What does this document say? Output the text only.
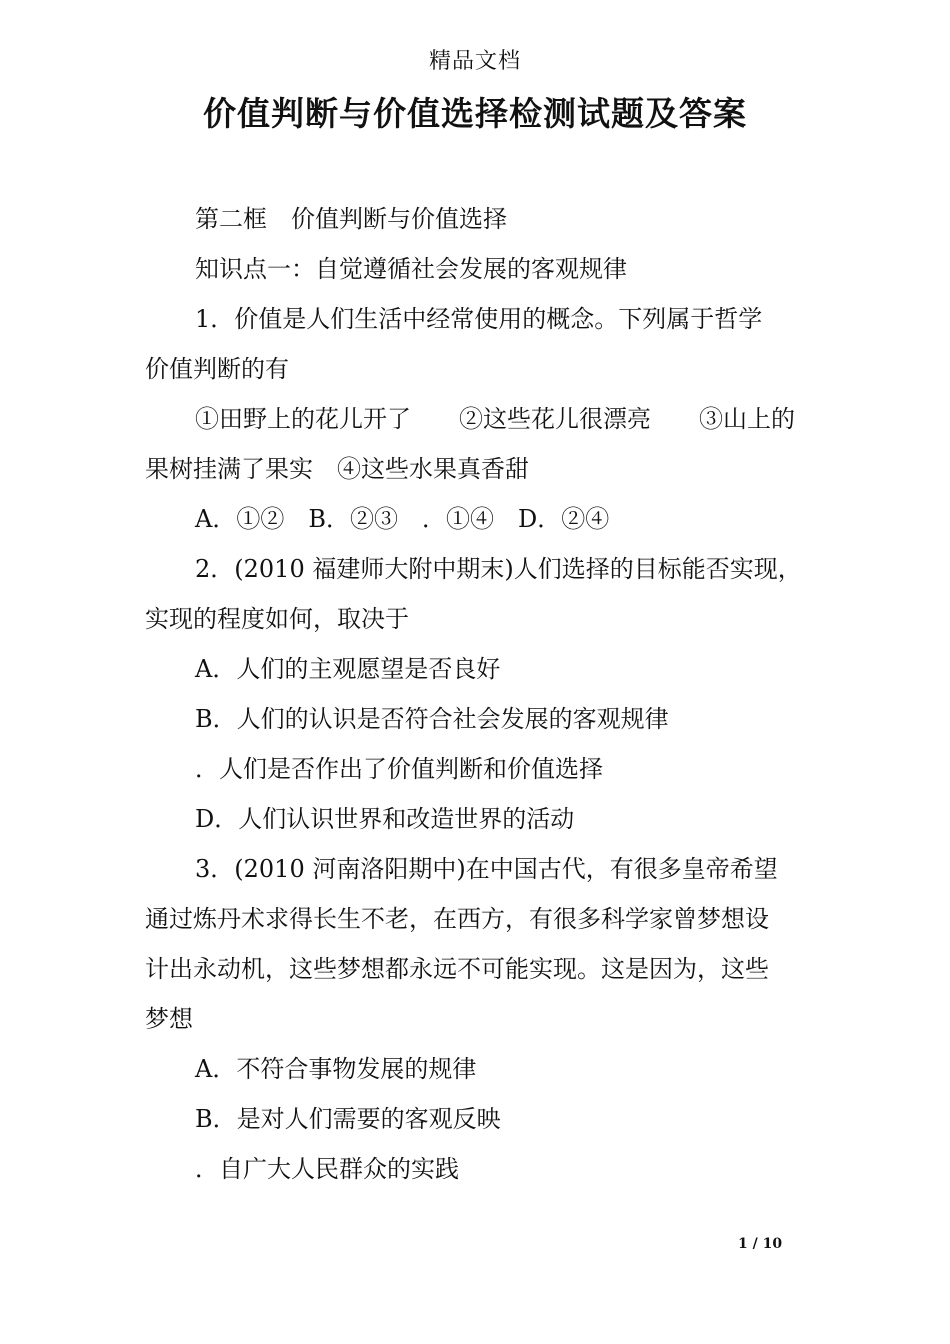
精品文档
价值判断与价值选择检测试题及答案
第二框　价值判断与价值选择
知识点一：自觉遵循社会发展的客观规律
1．价值是人们生活中经常使用的概念。下列属于哲学
价值判断的有
①田野上的花儿开了　　②这些花儿很漂亮　　③山上的
果树挂满了果实　④这些水果真香甜
A．①②　B．②③　．①④　D．②④
2．(2010 福建师大附中期末)人们选择的目标能否实现，
实现的程度如何，取决于
A．人们的主观愿望是否良好
B．人们的认识是否符合社会发展的客观规律
．人们是否作出了价值判断和价值选择
D．人们认识世界和改造世界的活动
3．(2010 河南洛阳期中)在中国古代，有很多皇帝希望
通过炼丹术求得长生不老，在西方，有很多科学家曾梦想设
计出永动机，这些梦想都永远不可能实现。这是因为，这些
梦想
A．不符合事物发展的规律
B．是对人们需要的客观反映
．自广大人民群众的实践
1 / 10
